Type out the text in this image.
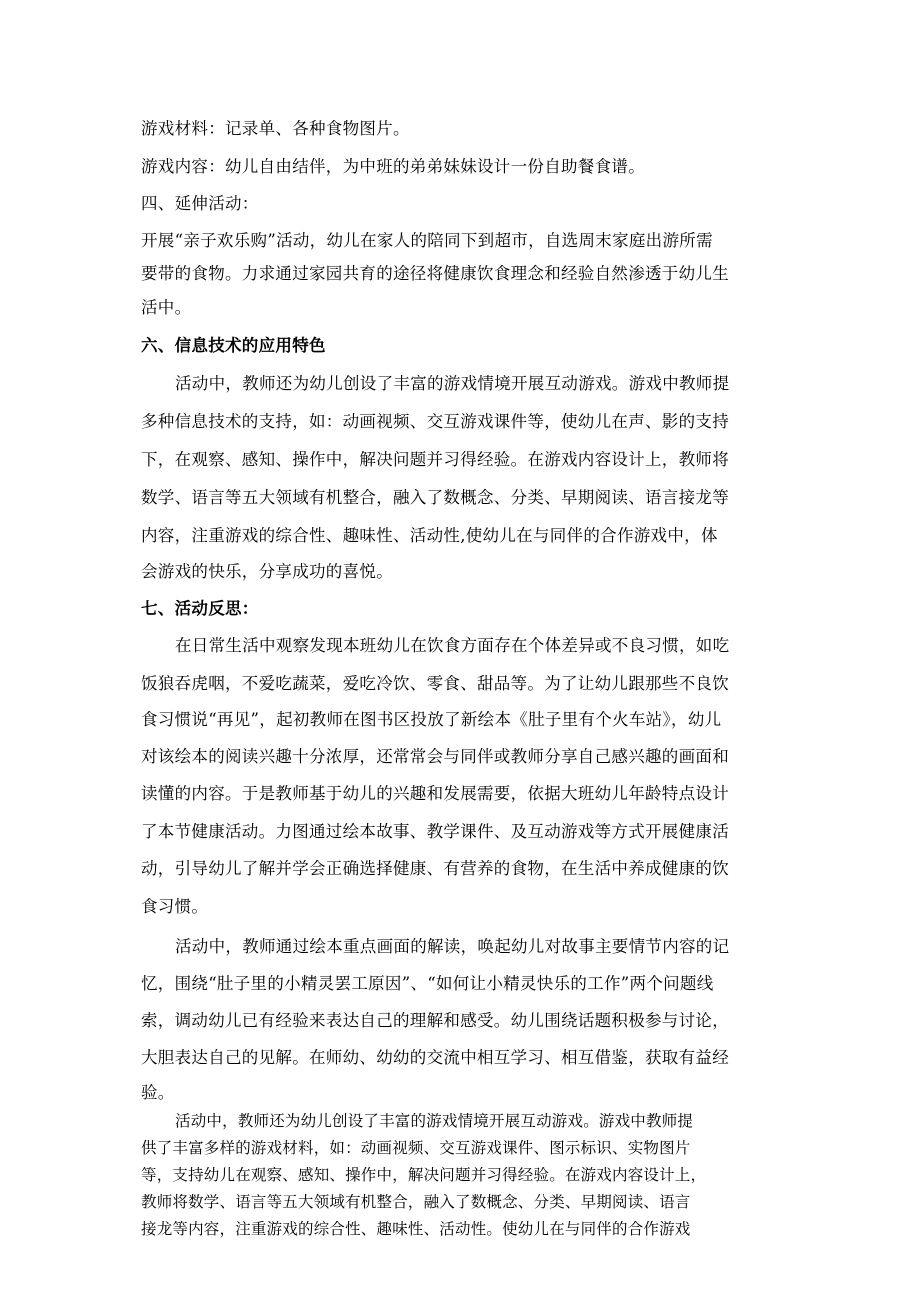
游戏材料：记录单、各种食物图片。
游戏内容：幼儿自由结伴，为中班的弟弟妹妹设计一份自助餐食谱。
四、延伸活动：
开展“亲子欢乐购”活动，幼儿在家人的陪同下到超市，自选周末家庭出游所需
要带的食物。力求通过家园共育的途径将健康饮食理念和经验自然渗透于幼儿生
活中。
六、信息技术的应用特色
活动中，教师还为幼儿创设了丰富的游戏情境开展互动游戏。游戏中教师提
多种信息技术的支持，如：动画视频、交互游戏课件等，使幼儿在声、影的支持
下，在观察、感知、操作中，解决问题并习得经验。在游戏内容设计上，教师将
数学、语言等五大领域有机整合，融入了数概念、分类、早期阅读、语言接龙等
内容，注重游戏的综合性、趣味性、活动性,使幼儿在与同伴的合作游戏中，体
会游戏的快乐，分享成功的喜悦。
七、活动反思：
在日常生活中观察发现本班幼儿在饮食方面存在个体差异或不良习惯，如吃
饭狼吞虎咽，不爱吃蔬菜，爱吃冷饮、零食、甜品等。为了让幼儿跟那些不良饮
食习惯说“再见”，起初教师在图书区投放了新绘本《肚子里有个火车站》，幼儿
对该绘本的阅读兴趣十分浓厚，还常常会与同伴或教师分享自己感兴趣的画面和
读懂的内容。于是教师基于幼儿的兴趣和发展需要，依据大班幼儿年龄特点设计
了本节健康活动。力图通过绘本故事、教学课件、及互动游戏等方式开展健康活
动，引导幼儿了解并学会正确选择健康、有营养的食物，在生活中养成健康的饮
食习惯。
活动中，教师通过绘本重点画面的解读，唤起幼儿对故事主要情节内容的记
忆，围绕“肚子里的小精灵罢工原因”、“如何让小精灵快乐的工作”两个问题线
索，调动幼儿已有经验来表达自己的理解和感受。幼儿围绕话题积极参与讨论，
大胆表达自己的见解。在师幼、幼幼的交流中相互学习、相互借鉴，获取有益经
验。
活动中，教师还为幼儿创设了丰富的游戏情境开展互动游戏。游戏中教师提
供了丰富多样的游戏材料，如：动画视频、交互游戏课件、图示标识、实物图片
等，支持幼儿在观察、感知、操作中，解决问题并习得经验。在游戏内容设计上，
教师将数学、语言等五大领域有机整合，融入了数概念、分类、早期阅读、语言
接龙等内容，注重游戏的综合性、趣味性、活动性。使幼儿在与同伴的合作游戏
